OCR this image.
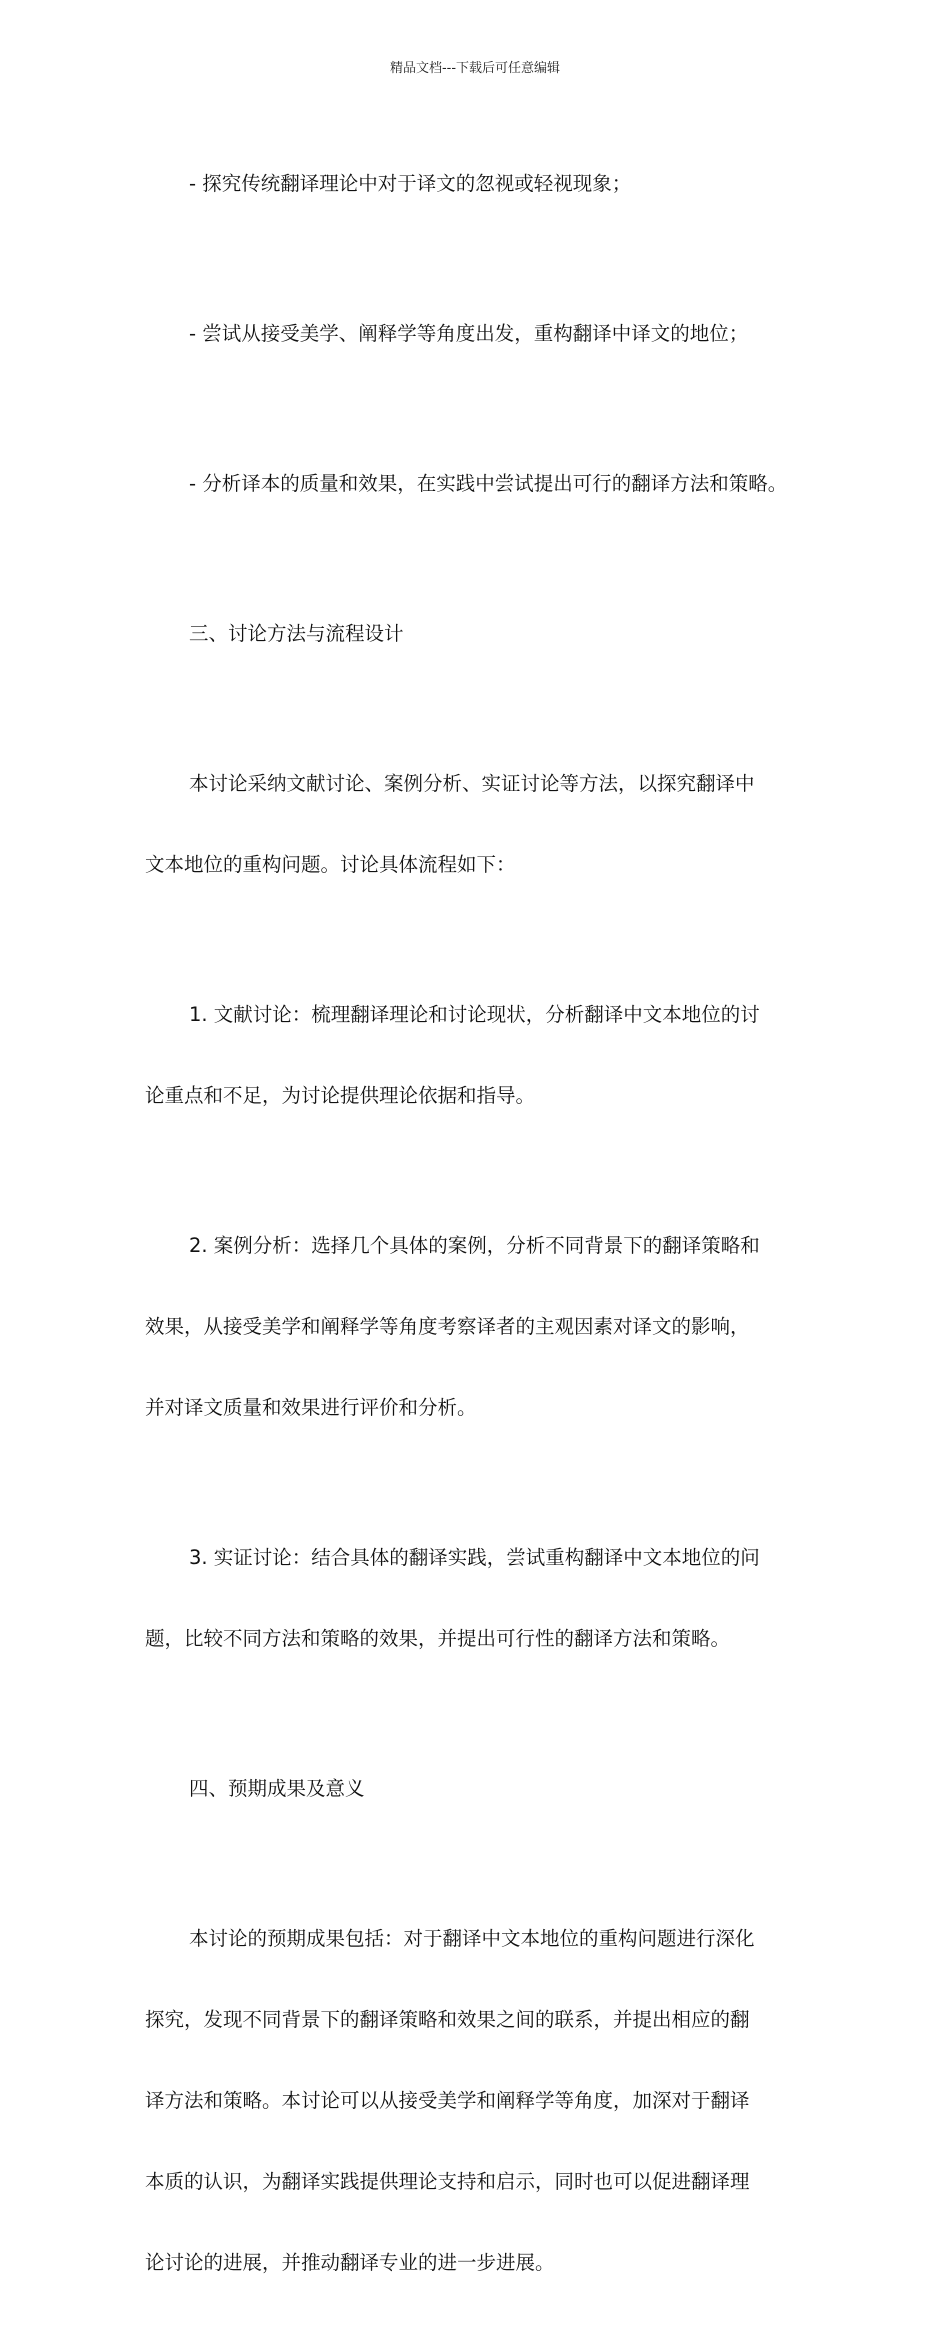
精品文档---下载后可任意编辑

- 探究传统翻译理论中对于译文的忽视或轻视现象；

- 尝试从接受美学、阐释学等角度出发，重构翻译中译文的地位；

- 分析译本的质量和效果，在实践中尝试提出可行的翻译方法和策略。

三、讨论方法与流程设计

本讨论采纳文献讨论、案例分析、实证讨论等方法，以探究翻译中

文本地位的重构问题。讨论具体流程如下：

1. 文献讨论：梳理翻译理论和讨论现状，分析翻译中文本地位的讨

论重点和不足，为讨论提供理论依据和指导。

2. 案例分析：选择几个具体的案例，分析不同背景下的翻译策略和

效果，从接受美学和阐释学等角度考察译者的主观因素对译文的影响，

并对译文质量和效果进行评价和分析。

3. 实证讨论：结合具体的翻译实践，尝试重构翻译中文本地位的问

题，比较不同方法和策略的效果，并提出可行性的翻译方法和策略。

四、预期成果及意义

本讨论的预期成果包括：对于翻译中文本地位的重构问题进行深化

探究，发现不同背景下的翻译策略和效果之间的联系，并提出相应的翻

译方法和策略。本讨论可以从接受美学和阐释学等角度，加深对于翻译

本质的认识，为翻译实践提供理论支持和启示，同时也可以促进翻译理

论讨论的进展，并推动翻译专业的进一步进展。
